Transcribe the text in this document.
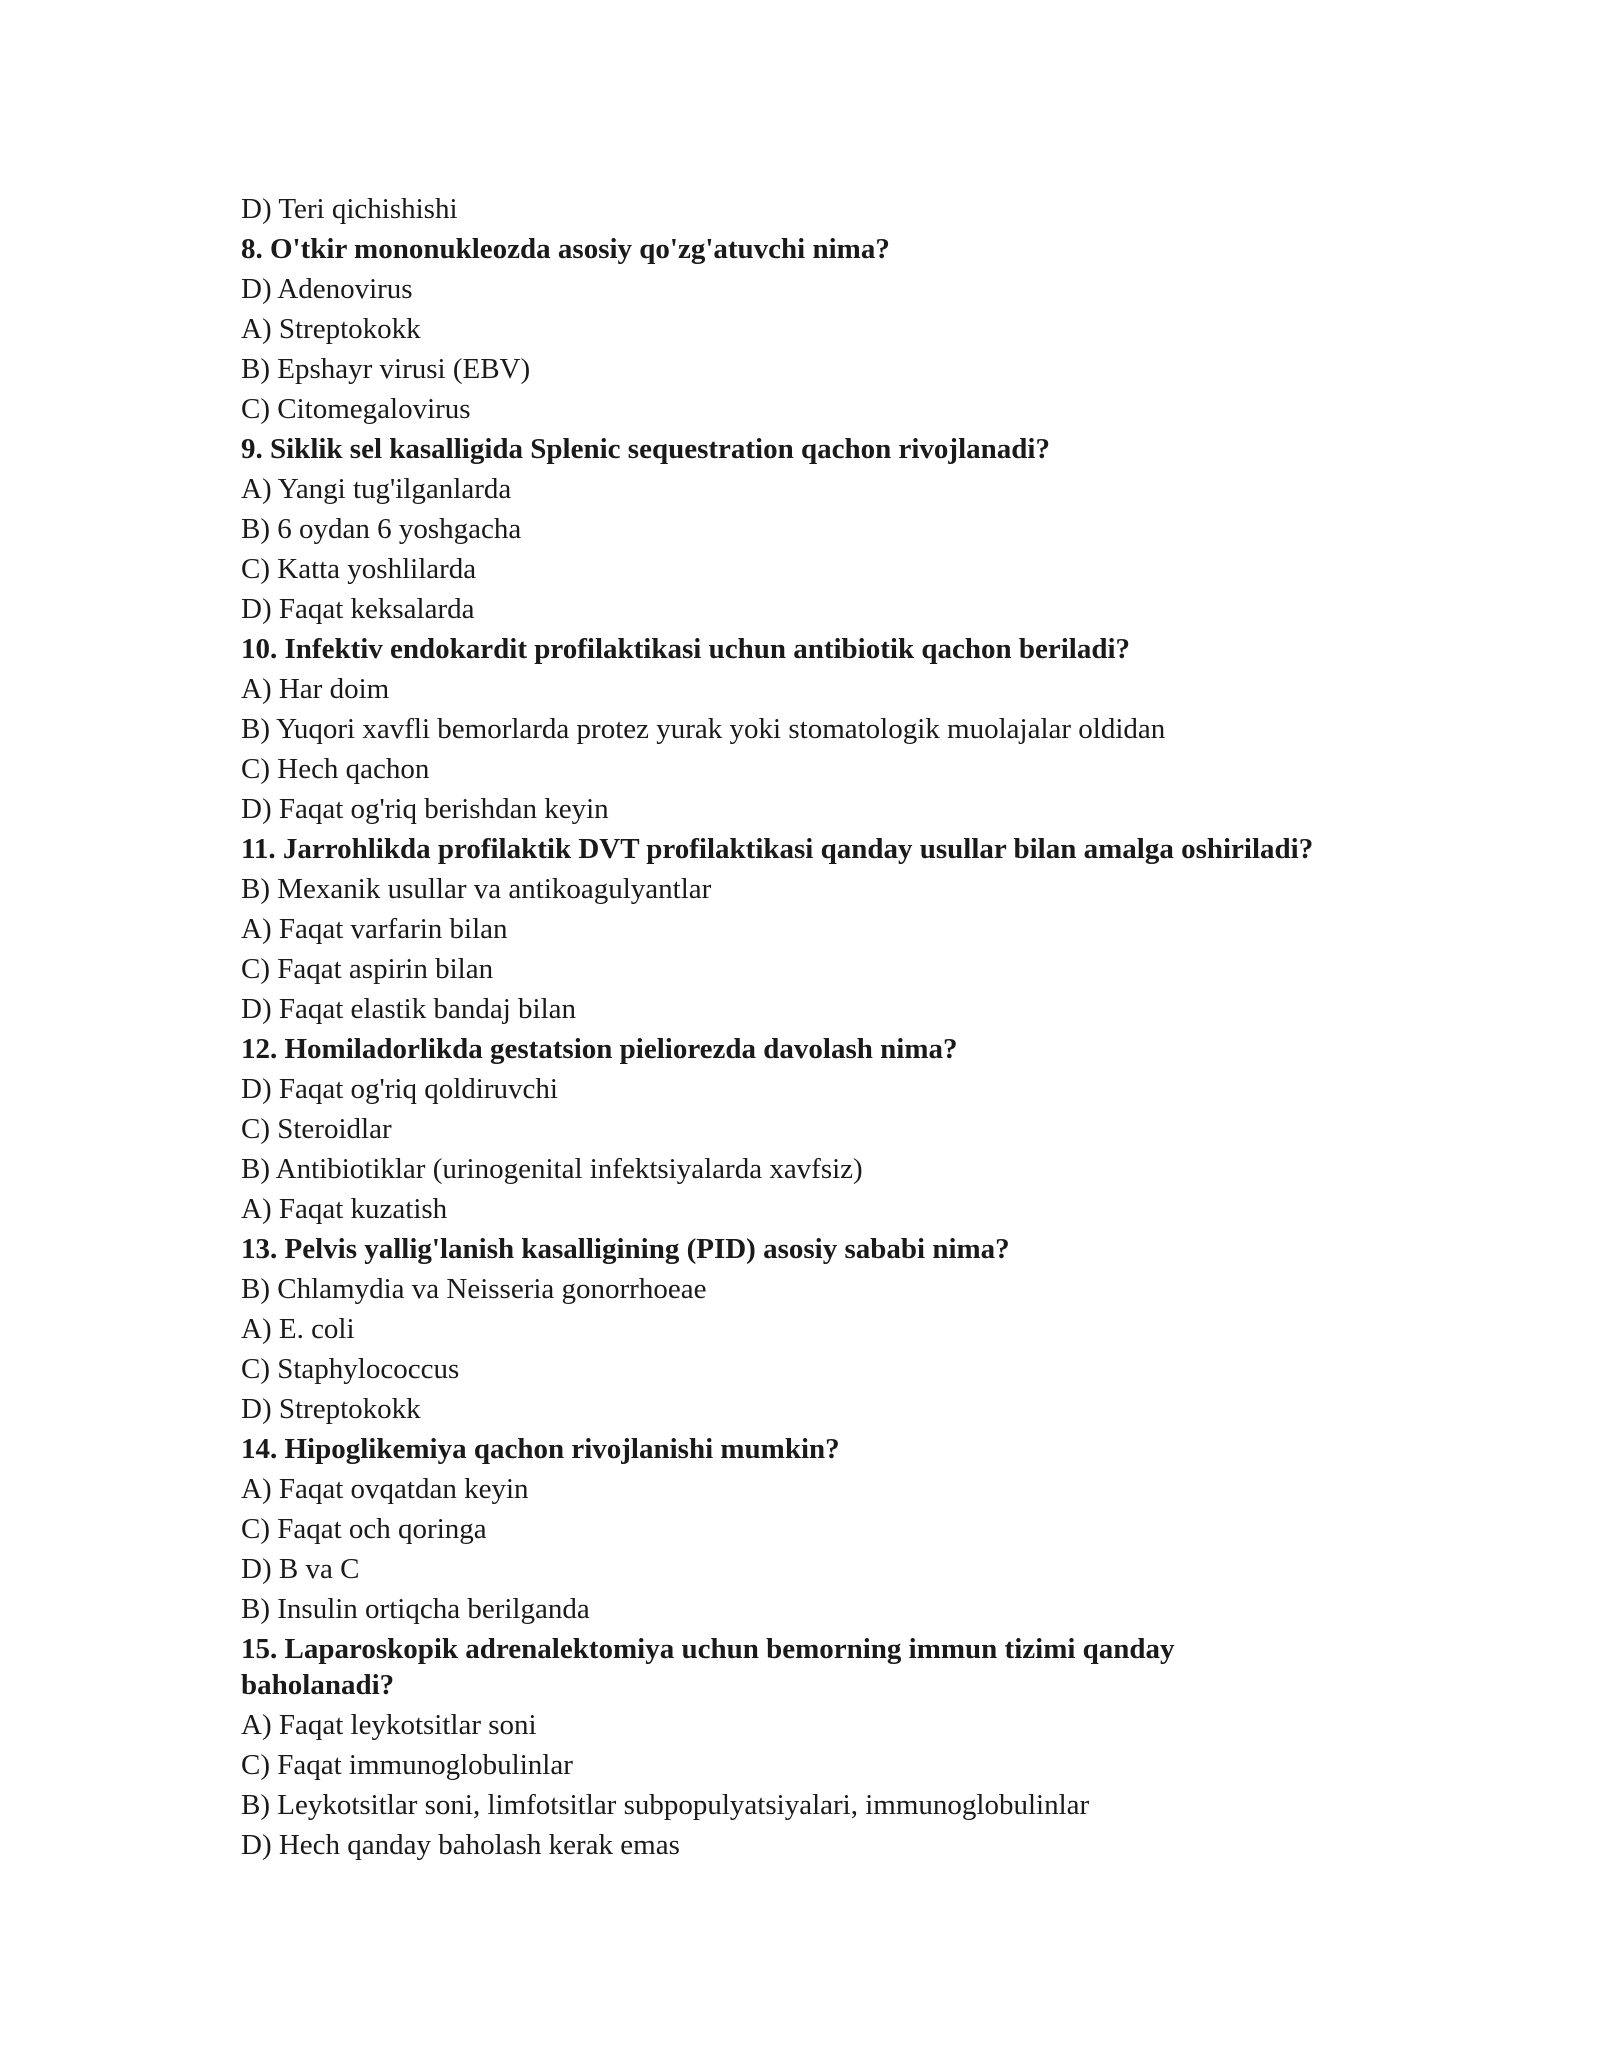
D) Teri qichishishi
8. O'tkir mononukleozda asosiy qo'zg'atuvchi nima?
D) Adenovirus
A) Streptokokk
B) Epshayr virusi (EBV)
C) Citomegalovirus
9. Siklik sel kasalligida Splenic sequestration qachon rivojlanadi?
A) Yangi tug'ilganlarda
B) 6 oydan 6 yoshgacha
C) Katta yoshlilarda
D) Faqat keksalarda
10. Infektiv endokardit profilaktikasi uchun antibiotik qachon beriladi?
A) Har doim
B) Yuqori xavfli bemorlarda protez yurak yoki stomatologik muolajalar oldidan
C) Hech qachon
D) Faqat og'riq berishdan keyin
11. Jarrohlikda profilaktik DVT profilaktikasi qanday usullar bilan amalga oshiriladi?
B) Mexanik usullar va antikoagulyantlar
A) Faqat varfarin bilan
C) Faqat aspirin bilan
D) Faqat elastik bandaj bilan
12. Homiladorlikda gestatsion pieliorezda davolash nima?
D) Faqat og'riq qoldiruvchi
C) Steroidlar
B) Antibiotiklar (urinogenital infektsiyalarda xavfsiz)
A) Faqat kuzatish
13. Pelvis yallig'lanish kasalligining (PID) asosiy sababi nima?
B) Chlamydia va Neisseria gonorrhoeae
A) E. coli
C) Staphylococcus
D) Streptokokk
14. Hipoglikemiya qachon rivojlanishi mumkin?
A) Faqat ovqatdan keyin
C) Faqat och qoringa
D) B va C
B) Insulin ortiqcha berilganda
15. Laparoskopik adrenalektomiya uchun bemorning immun tizimi qanday baholanadi?
A) Faqat leykotsitlar soni
C) Faqat immunoglobulinlar
B) Leykotsitlar soni, limfotsitlar subpopulyatsiyalari, immunoglobulinlar
D) Hech qanday baholash kerak emas
